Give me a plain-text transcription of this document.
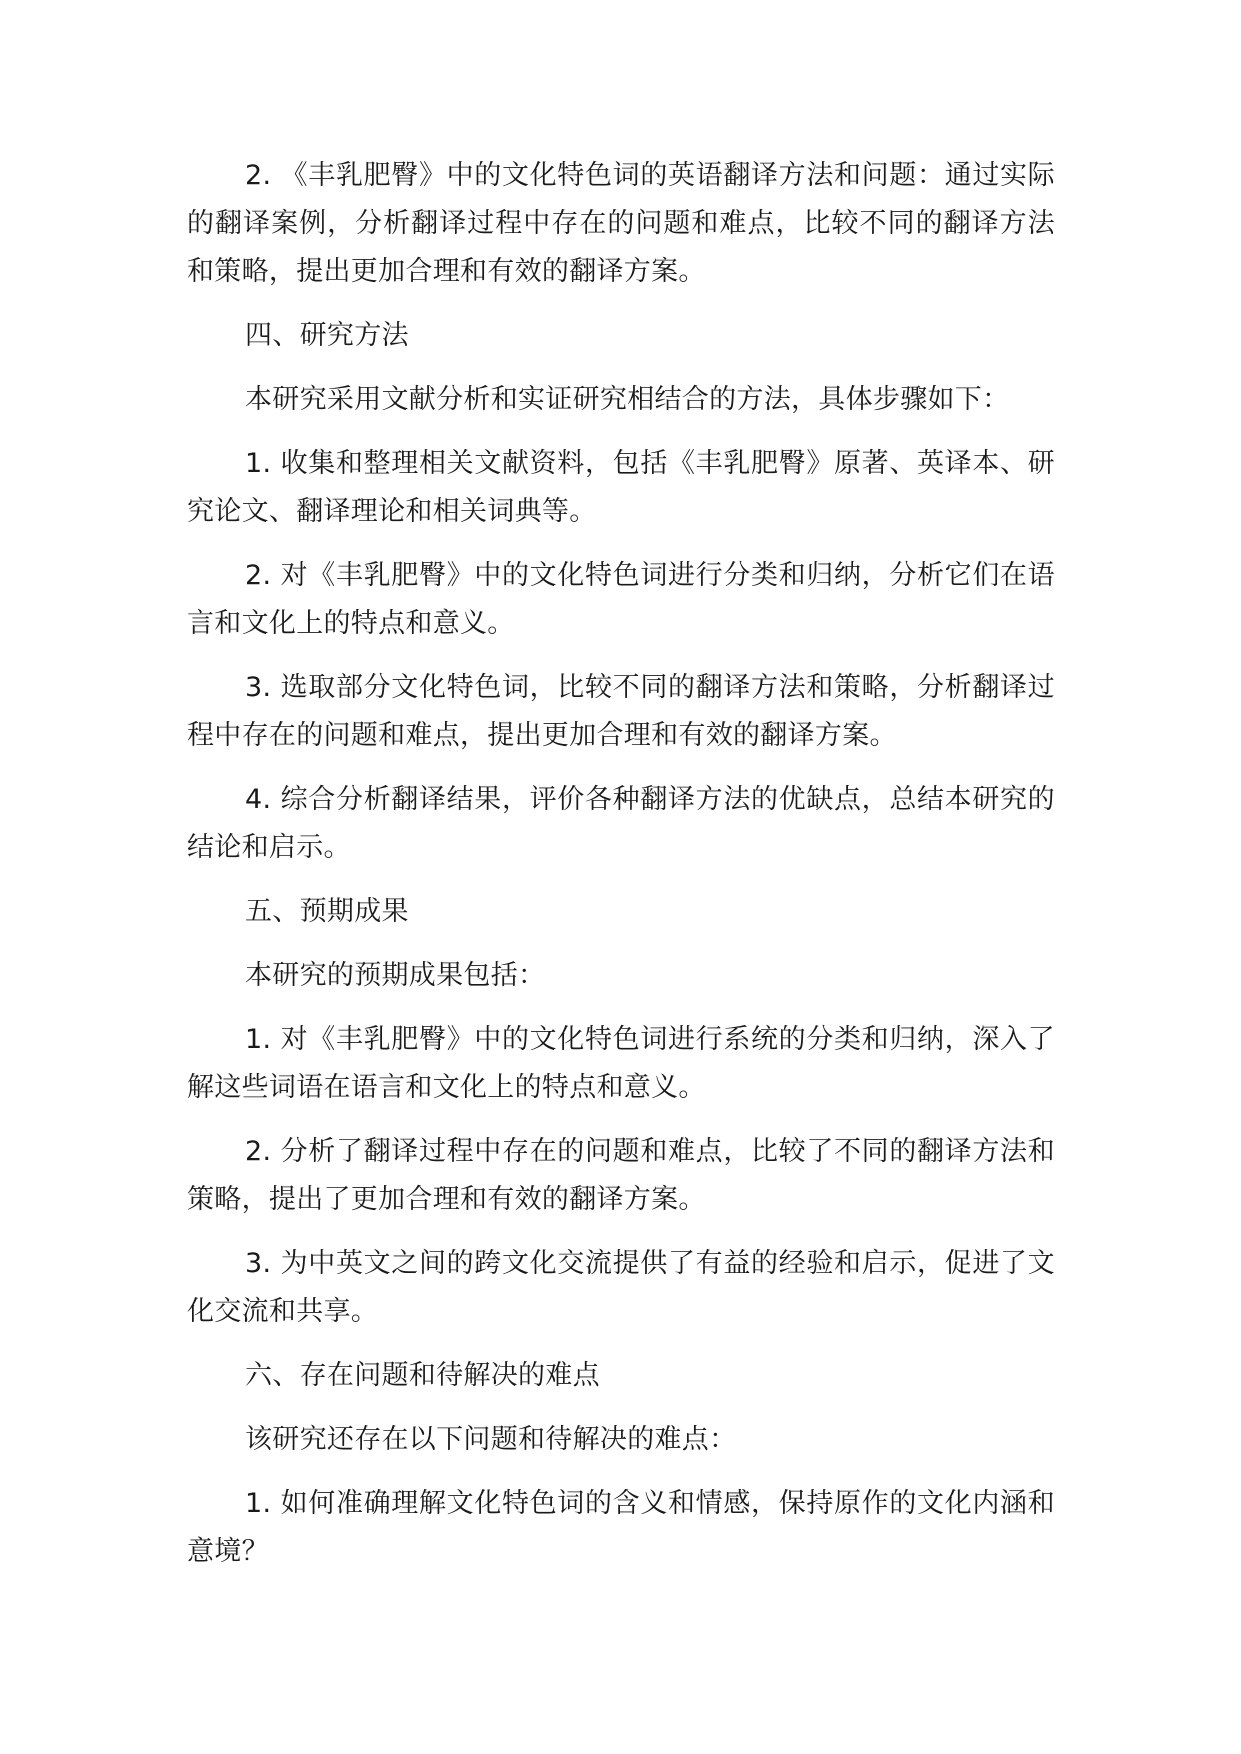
2. 《丰乳肥臀》中的文化特色词的英语翻译方法和问题：通过实际的翻译案例，分析翻译过程中存在的问题和难点，比较不同的翻译方法和策略，提出更加合理和有效的翻译方案。

四、研究方法

本研究采用文献分析和实证研究相结合的方法，具体步骤如下：

1. 收集和整理相关文献资料，包括《丰乳肥臀》原著、英译本、研究论文、翻译理论和相关词典等。

2. 对《丰乳肥臀》中的文化特色词进行分类和归纳，分析它们在语言和文化上的特点和意义。

3. 选取部分文化特色词，比较不同的翻译方法和策略，分析翻译过程中存在的问题和难点，提出更加合理和有效的翻译方案。

4. 综合分析翻译结果，评价各种翻译方法的优缺点，总结本研究的结论和启示。

五、预期成果

本研究的预期成果包括：

1. 对《丰乳肥臀》中的文化特色词进行系统的分类和归纳，深入了解这些词语在语言和文化上的特点和意义。

2. 分析了翻译过程中存在的问题和难点，比较了不同的翻译方法和策略，提出了更加合理和有效的翻译方案。

3. 为中英文之间的跨文化交流提供了有益的经验和启示，促进了文化交流和共享。

六、存在问题和待解决的难点

该研究还存在以下问题和待解决的难点：

1. 如何准确理解文化特色词的含义和情感，保持原作的文化内涵和意境？
